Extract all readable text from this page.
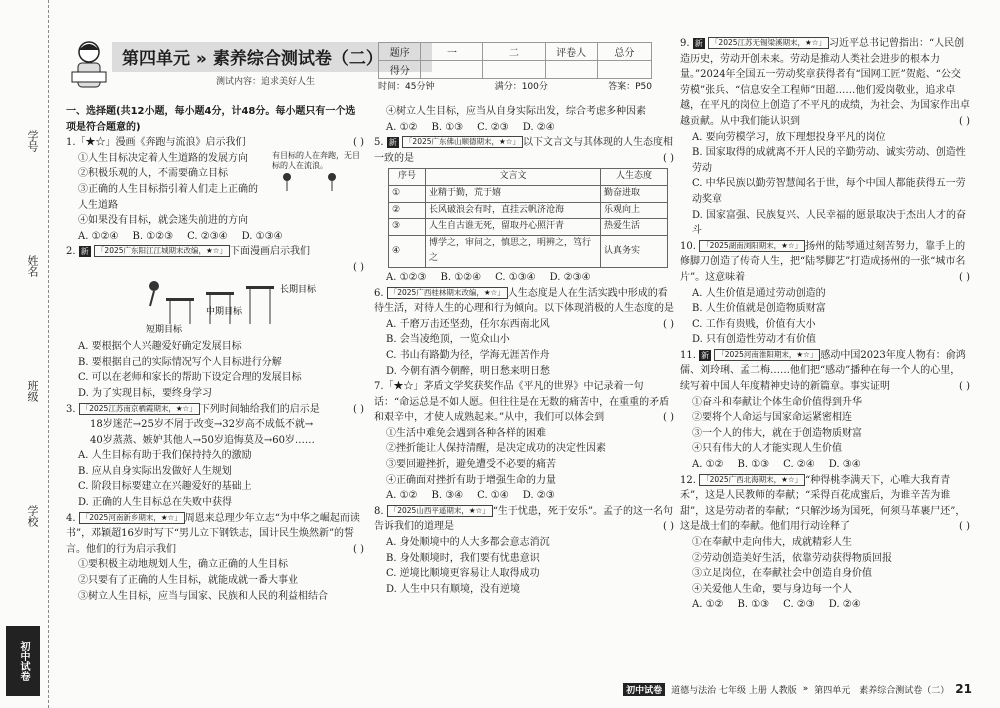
学号
姓名
班级
学校
初中试卷
第四单元 » 素养综合测试卷（二）
测试内容：追求美好人生
题序	一	二	评卷人	总分
得分				
时间：45分钟	满分：100分	答案：P50

一、选择题(共12小题，每小题4分，计48分。每小题只有一个选项是符合题意的)

1.「★☆」漫画《奔跑与流浪》启示我们	( )

①人生目标决定着人生道路的发展方向

②积极乐观的人，不需要确立目标

③正确的人生目标指引着人们走上正确的人生道路

有目标的人在奔跑，无目标的人在流浪。

④如果没有目标，就会迷失前进的方向

A. ①②④ B. ①②③ C. ②③④ D. ①③④

2. 新 「2025广东阳江江城期末改编，★☆」 下面漫画启示我们

( )

长期目标
中期目标
短期目标

A. 要根据个人兴趣爱好确定发展目标

B. 要根据自己的实际情况写个人目标进行分解

C. 可以在老师和家长的帮助下设定合理的发展目标

D. 为了实现目标，要终身学习

3. 「2025江苏南京栖霞期末，★☆」 下列时间轴给我们的启示是	( )

18岁迷茫→25岁不屑于改变→32岁高不成低不就→

40岁蒸蒸、嫉妒其他人→50岁追悔莫及→60岁……

A. 人生目标有助于我们保持持久的激励

B. 应从自身实际出发做好人生规划

C. 阶段目标要建立在兴趣爱好的基础上

D. 正确的人生目标总在失败中获得

4. 「2025河南新乡期末，★☆」 周恩来总理少年立志“为中华之崛起而读书”，邓颖超16岁时写下“男儿立下钢铁志，国计民生焕然新”的誓言。他们的行为启示我们	( )

①要积极主动地规划人生，确立正确的人生目标

②只要有了正确的人生目标，就能成就一番大事业

③树立人生目标，应当与国家、民族和人民的利益相结合

④树立人生目标，应当从自身实际出发，综合考虑多种因素

A. ①② B. ①③ C. ②③ D. ②④

5. 新 「2025广东佛山顺德期末，★☆」 以下文言文与其体现的人生态度相一致的是	( )

序号	文言文	人生态度
①	业精于勤，荒于嬉	勤奋进取
②	长风破浪会有时，直挂云帆济沧海	乐观向上
③	人生自古谁无死，留取丹心照汗青	热爱生活
④	博学之，审问之，慎思之，明辨之，笃行之	认真务实
A. ①②③ B. ①②④ C. ①③④ D. ②③④

6. 「2025广西桂林期末改编，★☆」 人生态度是人在生活实践中形成的看待生活，对待人生的心理和行为倾向。以下体现消极的人生态度的是
( )

A. 千磨万击还坚劲，任尔东西南北风

B. 会当凌绝顶，一览众山小

C. 书山有路勤为径，学海无涯苦作舟

D. 今朝有酒今朝醉，明日愁来明日愁

7.「★☆」茅盾文学奖获奖作品《平凡的世界》中记录着一句话：“命运总是不如人愿。但往往是在无数的痛苦中，在重重的矛盾和艰辛中，才使人成熟起来。”从中，我们可以体会到	( )

①生活中难免会遇到各种各样的困难

②挫折能让人保持清醒，是决定成功的决定性因素

③要回避挫折，避免遭受不必要的痛苦

④正确面对挫折有助于增强生命的力量

A. ①② B. ③④ C. ①④ D. ②③

8. 「2025山西平遥期末，★☆」 “生于忧患，死于安乐”。孟子的这一名句告诉我们的道理是	( )

A. 身处顺境中的人大多都会意志消沉

B. 身处顺境时，我们要有忧患意识

C. 逆境比顺境更容易让人取得成功

D. 人生中只有顺境，没有逆境

9. 新 「2025江苏无锡梁溪期末，★☆」 习近平总书记曾指出：“人民创造历史，劳动开创未来。劳动是推动人类社会进步的根本力量。”2024年全国五一劳动奖章获得者有“国网工匠”贺彪、“公交劳模”张兵、“信息安全工程师”田超……他们爱岗敬业，追求卓越，在平凡的岗位上创造了不平凡的成绩，为社会、为国家作出卓越贡献。从中我们能认识到	( )

A. 要向劳模学习，放下理想投身平凡的岗位

B. 国家取得的成就离不开人民的辛勤劳动、诚实劳动、创造性劳动

C. 中华民族以勤劳智慧闻名于世，每个中国人都能获得五一劳动奖章

D. 国家富强、民族复兴、人民幸福的愿景取决于杰出人才的奋斗

10. 「2025湖南浏阳期末，★☆」 扬州的陆琴通过刻苦努力，靠手上的修脚刀创造了传奇人生，把“陆琴脚艺”打造成扬州的一张“城市名片”。这意味着	( )

A. 人生价值是通过劳动创造的

B. 人生价值就是创造物质财富

C. 工作有贵贱，价值有大小

D. 只有创造性劳动才有价值

11. 新 「2025河南淮阳期末，★☆」 感动中国2023年度人物有：俞鸿儒、刘玲琍、孟二梅……他们把“感动”播种在每一个人的心里，续写着中国人年度精神史诗的新篇章。事实证明	( )

①奋斗和奉献让个体生命价值得到升华

②要将个人命运与国家命运紧密相连

③一个人的伟大，就在于创造物质财富

④只有伟大的人才能实现人生价值

A. ①② B. ①③ C. ②④ D. ③④

12. 「2025广西北海期末，★☆」 “种得桃李满天下，心唯大我育青禾”，这是人民教师的奉献；“采得百花成蜜后，为谁辛苦为谁甜”，这是劳动者的奉献；“只解沙场为国死，何须马革裹尸还”，这是战士们的奉献。他们用行动诠释了	( )

①在奉献中走向伟大，成就精彩人生

②劳动创造美好生活，依靠劳动获得物质回报

③立足岗位，在奉献社会中创造自身价值

④关爱他人生命，要与身边每一个人

A. ①② B. ①③ C. ②③ D. ②④
初中试卷	道德与法治 七年级 上册 人教版 » 第四单元　素养综合测试卷（二） 21
